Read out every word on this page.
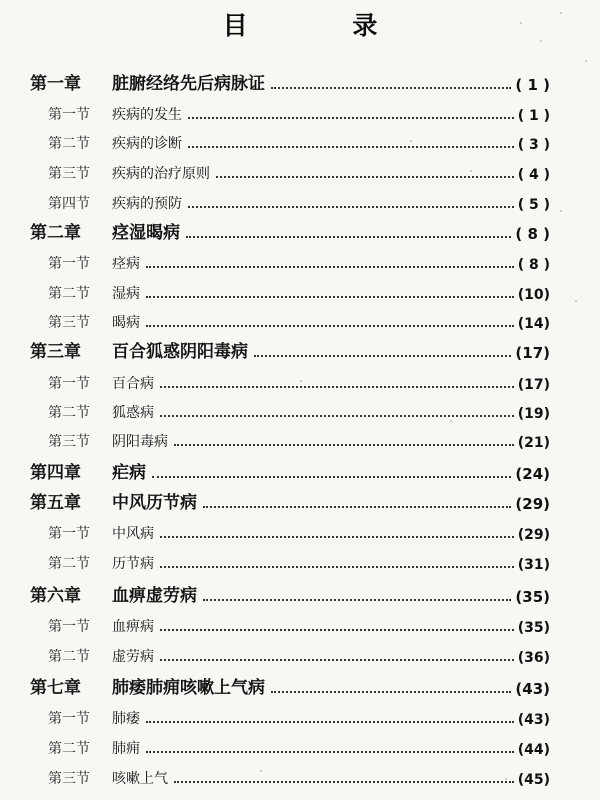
目 录
第一章	脏腑经络先后病脉证	( 1 )
第一节	疾病的发生	( 1 )
第二节	疾病的诊断	( 3 )
第三节	疾病的治疗原则	( 4 )
第四节	疾病的预防	( 5 )
第二章	痉湿暍病	( 8 )
第一节	痉病	( 8 )
第二节	湿病	(10)
第三节	暍病	(14)
第三章	百合狐惑阴阳毒病	(17)
第一节	百合病	(17)
第二节	狐惑病	(19)
第三节	阴阳毒病	(21)
第四章	疟病	(24)
第五章	中风历节病	(29)
第一节	中风病	(29)
第二节	历节病	(31)
第六章	血痹虚劳病	(35)
第一节	血痹病	(35)
第二节	虚劳病	(36)
第七章	肺痿肺痈咳嗽上气病	(43)
第一节	肺痿	(43)
第二节	肺痈	(44)
第三节	咳嗽上气	(45)
